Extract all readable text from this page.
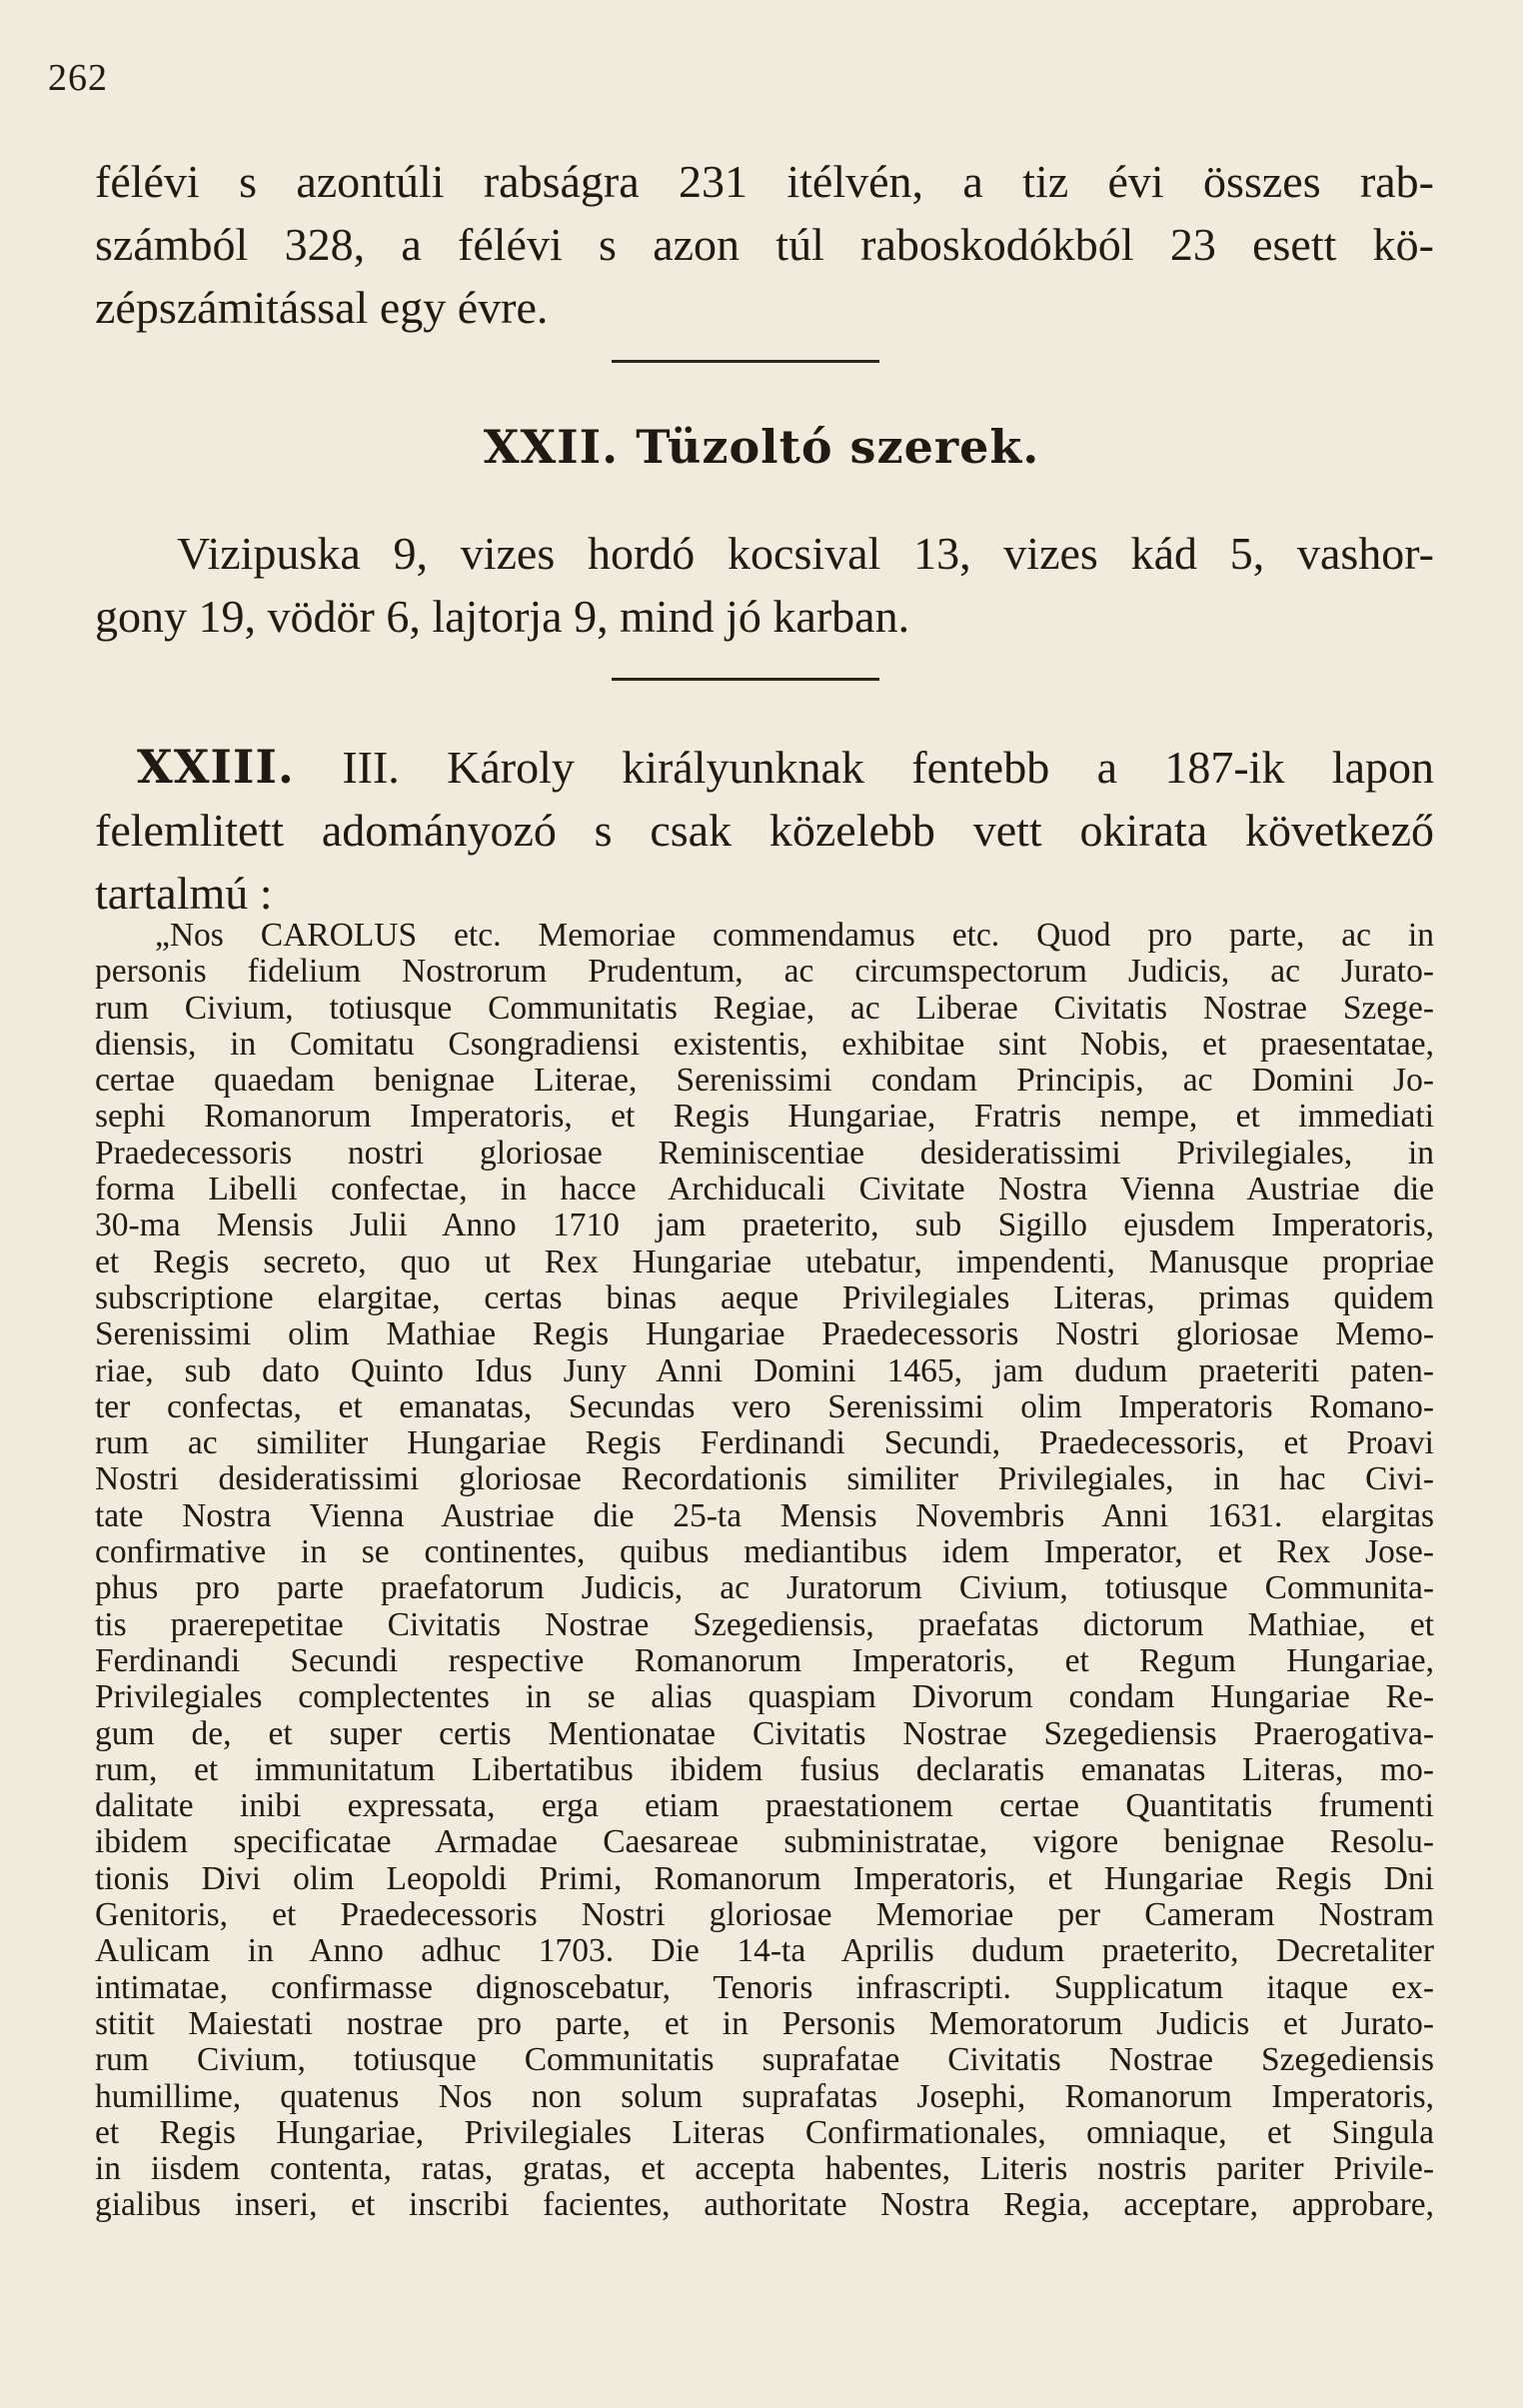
262
félévi s azontúli rabságra 231 itélvén, a tiz évi összes rab-
számból 328, a félévi s azon túl raboskodókból 23 esett kö-
zépszámitással egy évre.
XXII. Tüzoltó szerek.
Vizipuska 9, vizes hordó kocsival 13, vizes kád 5, vashor-
gony 19, vödör 6, lajtorja 9, mind jó karban.
XXIII. III. Károly királyunknak fentebb a 187-ik lapon
felemlitett adományozó s csak közelebb vett okirata következő
tartalmú :
„Nos CAROLUS etc. Memoriae commendamus etc. Quod pro parte, ac in
personis fidelium Nostrorum Prudentum, ac circumspectorum Judicis, ac Jurato-
rum Civium, totiusque Communitatis Regiae, ac Liberae Civitatis Nostrae Szege-
diensis, in Comitatu Csongradiensi existentis, exhibitae sint Nobis, et praesentatae,
certae quaedam benignae Literae, Serenissimi condam Principis, ac Domini Jo-
sephi Romanorum Imperatoris, et Regis Hungariae, Fratris nempe, et immediati
Praedecessoris nostri gloriosae Reminiscentiae desideratissimi Privilegiales, in
forma Libelli confectae, in hacce Archiducali Civitate Nostra Vienna Austriae die
30-ma Mensis Julii Anno 1710 jam praeterito, sub Sigillo ejusdem Imperatoris,
et Regis secreto, quo ut Rex Hungariae utebatur, impendenti, Manusque propriae
subscriptione elargitae, certas binas aeque Privilegiales Literas, primas quidem
Serenissimi olim Mathiae Regis Hungariae Praedecessoris Nostri gloriosae Memo-
riae, sub dato Quinto Idus Juny Anni Domini 1465, jam dudum praeteriti paten-
ter confectas, et emanatas, Secundas vero Serenissimi olim Imperatoris Romano-
rum ac similiter Hungariae Regis Ferdinandi Secundi, Praedecessoris, et Proavi
Nostri desideratissimi gloriosae Recordationis similiter Privilegiales, in hac Civi-
tate Nostra Vienna Austriae die 25-ta Mensis Novembris Anni 1631. elargitas
confirmative in se continentes, quibus mediantibus idem Imperator, et Rex Jose-
phus pro parte praefatorum Judicis, ac Juratorum Civium, totiusque Communita-
tis praerepetitae Civitatis Nostrae Szegediensis, praefatas dictorum Mathiae, et
Ferdinandi Secundi respective Romanorum Imperatoris, et Regum Hungariae,
Privilegiales complectentes in se alias quaspiam Divorum condam Hungariae Re-
gum de, et super certis Mentionatae Civitatis Nostrae Szegediensis Praerogativa-
rum, et immunitatum Libertatibus ibidem fusius declaratis emanatas Literas, mo-
dalitate inibi expressata, erga etiam praestationem certae Quantitatis frumenti
ibidem specificatae Armadae Caesareae subministratae, vigore benignae Resolu-
tionis Divi olim Leopoldi Primi, Romanorum Imperatoris, et Hungariae Regis Dni
Genitoris, et Praedecessoris Nostri gloriosae Memoriae per Cameram Nostram
Aulicam in Anno adhuc 1703. Die 14-ta Aprilis dudum praeterito, Decretaliter
intimatae, confirmasse dignoscebatur, Tenoris infrascripti. Supplicatum itaque ex-
stitit Maiestati nostrae pro parte, et in Personis Memoratorum Judicis et Jurato-
rum Civium, totiusque Communitatis suprafatae Civitatis Nostrae Szegediensis
humillime, quatenus Nos non solum suprafatas Josephi, Romanorum Imperatoris,
et Regis Hungariae, Privilegiales Literas Confirmationales, omniaque, et Singula
in iisdem contenta, ratas, gratas, et accepta habentes, Literis nostris pariter Privile-
gialibus inseri, et inscribi facientes, authoritate Nostra Regia, acceptare, approbare,
